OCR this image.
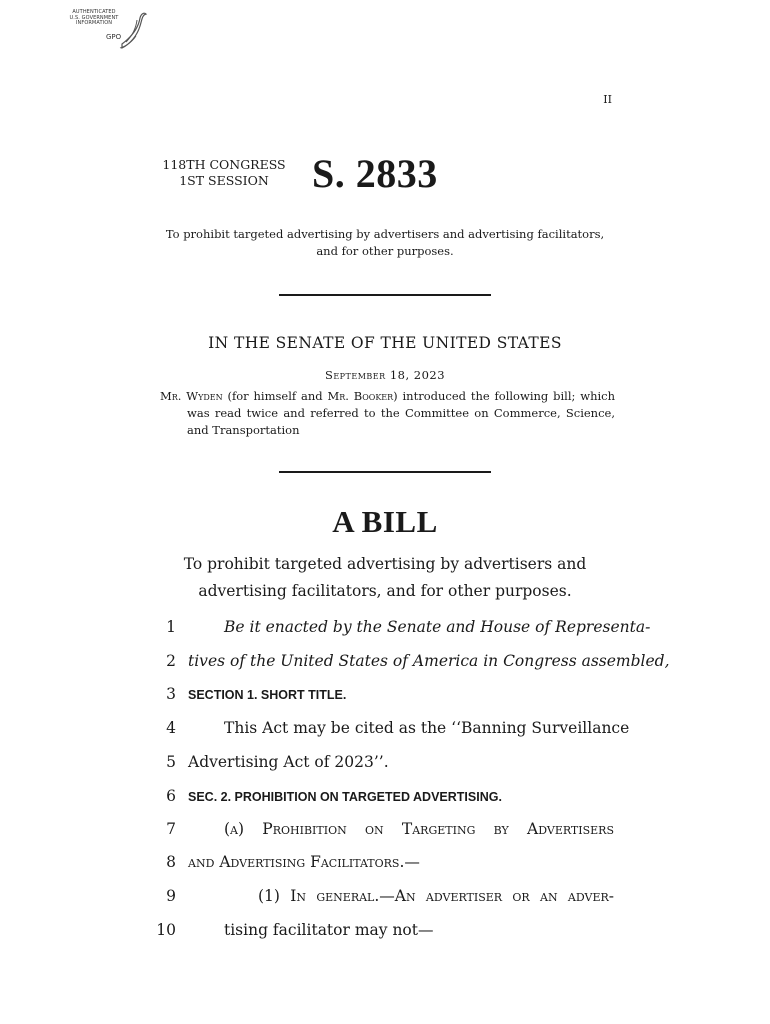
AUTHENTICATED
U.S. GOVERNMENT
INFORMATION
GPO
II
118TH CONGRESS
1ST SESSION	S. 2833
To prohibit targeted advertising by advertisers and advertising facilitators, and for other purposes.
IN THE SENATE OF THE UNITED STATES
September 18, 2023

Mr. Wyden (for himself and Mr. Booker) introduced the following bill; which was read twice and referred to the Committee on Commerce, Science, and Transportation

A BILL
To prohibit targeted advertising by advertisers and advertising facilitators, and for other purposes.
1	Be it enacted by the Senate and House of Representa-
2 tives of the United States of America in Congress assembled,
3 SECTION 1. SHORT TITLE.
4	This Act may be cited as the ‘‘Banning Surveillance
5 Advertising Act of 2023’’.
6 SEC. 2. PROHIBITION ON TARGETED ADVERTISING.
7	(a) Prohibition on Targeting by Advertisers
8 and Advertising Facilitators.—
9	(1) In general.—An advertiser or an adver-
10	tising facilitator may not—
